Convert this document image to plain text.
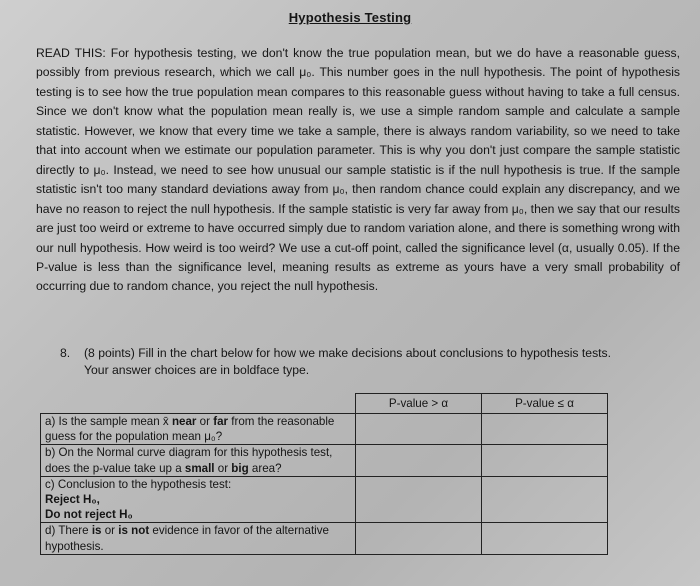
Hypothesis Testing

READ THIS: For hypothesis testing, we don't know the true population mean, but we do have a reasonable guess, possibly from previous research, which we call μ₀. This number goes in the null hypothesis. The point of hypothesis testing is to see how the true population mean compares to this reasonable guess without having to take a full census. Since we don't know what the population mean really is, we use a simple random sample and calculate a sample statistic. However, we know that every time we take a sample, there is always random variability, so we need to take that into account when we estimate our population parameter. This is why you don't just compare the sample statistic directly to μ₀. Instead, we need to see how unusual our sample statistic is if the null hypothesis is true. If the sample statistic isn't too many standard deviations away from μ₀, then random chance could explain any discrepancy, and we have no reason to reject the null hypothesis. If the sample statistic is very far away from μ₀, then we say that our results are just too weird or extreme to have occurred simply due to random variation alone, and there is something wrong with our null hypothesis. How weird is too weird? We use a cut-off point, called the significance level (α, usually 0.05). If the P-value is less than the significance level, meaning results as extreme as yours have a very small probability of occurring due to random chance, you reject the null hypothesis.

8. (8 points) Fill in the chart below for how we make decisions about conclusions to hypothesis tests.
Your answer choices are in boldface type.
	P-value > α	P-value ≤ α
a) Is the sample mean x̄ near or far from the reasonable guess for the population mean μ₀?		
b) On the Normal curve diagram for this hypothesis test, does the p-value take up a small or big area?		

c) Conclusion to the hypothesis test:
Reject H₀,
Do not reject H₀		

d) There is or is not evidence in favor of the alternative hypothesis.		
